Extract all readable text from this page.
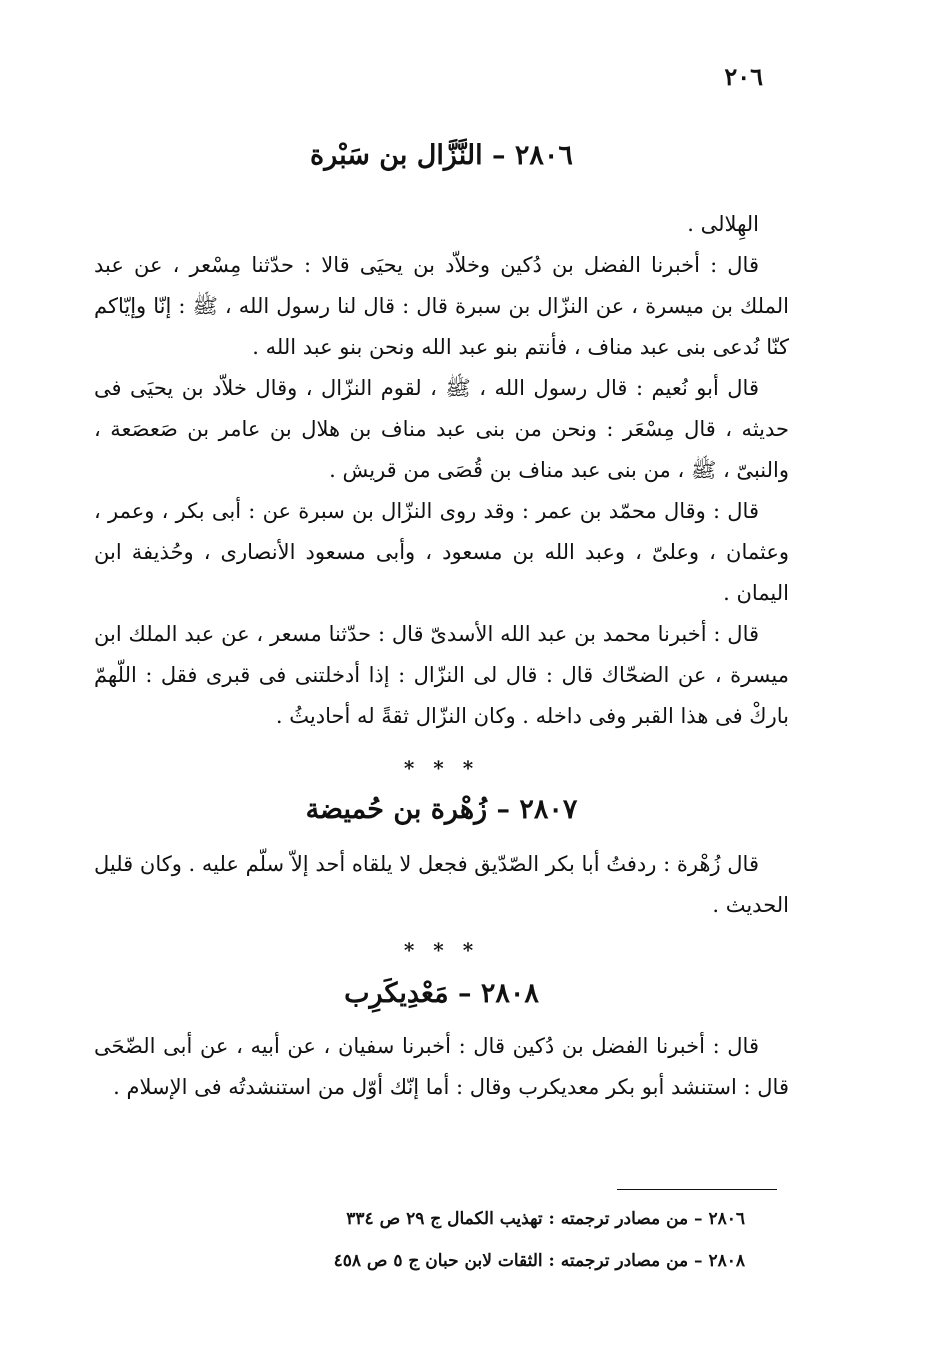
٢٠٦
٢٨٠٦ – النَّزَّال بن سَبْرة

الهِلالى .

قال : أخبرنا الفضل بن دُكين وخلاّد بن يحيَى قالا : حدّثنا مِسْعر ، عن عبد الملك بن ميسرة ، عن النزّال بن سبرة قال : قال لنا رسول الله ، ﷺ : إنّا وإيّاكم كنّا نُدعى بنى عبد مناف ، فأنتم بنو عبد الله ونحن بنو عبد الله .

قال أبو نُعيم : قال رسول الله ، ﷺ ، لقوم النزّال ، وقال خلاّد بن يحيَى فى حديثه ، قال مِسْعَر : ونحن من بنى عبد مناف بن هلال بن عامر بن صَعصَعة ، والنبىّ ، ﷺ ، من بنى عبد مناف بن قُصَى من قريش .

قال : وقال محمّد بن عمر : وقد روى النزّال بن سبرة عن : أبى بكر ، وعمر ، وعثمان ، وعلىّ ، وعبد الله بن مسعود ، وأبى مسعود الأنصارى ، وحُذيفة ابن اليمان .

قال : أخبرنا محمد بن عبد الله الأسدىّ قال : حدّثنا مسعر ، عن عبد الملك ابن ميسرة ، عن الضحّاك قال : قال لى النزّال : إذا أدخلتنى فى قبرى فقل : اللّهمّ باركْ فى هذا القبر وفى داخله . وكان النزّال ثقةً له أحاديثُ .

* * *
٢٨٠٧ – زُهْرة بن حُميضة

قال زُهْرة : ردفتُ أبا بكر الصّدّيق فجعل لا يلقاه أحد إلاّ سلّم عليه . وكان قليل الحديث .

* * *
٢٨٠٨ – مَعْدِيكَرِب

قال : أخبرنا الفضل بن دُكين قال : أخبرنا سفيان ، عن أبيه ، عن أبى الضّحَى قال : استنشد أبو بكر معديكرب وقال : أما إنّك أوّل من استنشدتُه فى الإسلام .

٢٨٠٦ – من مصادر ترجمته : تهذيب الكمال ج ٢٩ ص ٣٣٤

٢٨٠٨ – من مصادر ترجمته : الثقات لابن حبان ج ٥ ص ٤٥٨
